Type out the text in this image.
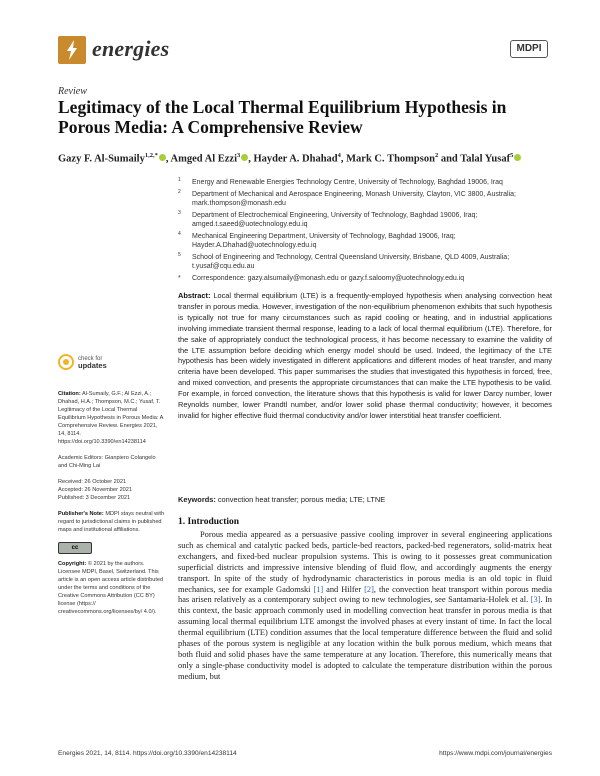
energies	MDPI
Review
Legitimacy of the Local Thermal Equilibrium Hypothesis in Porous Media: A Comprehensive Review
Gazy F. Al-Sumaily$^{1,2,*}$ , Amged Al Ezzi$^3$ , Hayder A. Dhahad$^4$, Mark C. Thompson$^2$ and Talal Yusaf$^5$
1 Energy and Renewable Energies Technology Centre, University of Technology, Baghdad 19006, Iraq
2 Department of Mechanical and Aerospace Engineering, Monash University, Clayton, VIC 3800, Australia; mark.thompson@monash.edu
3 Department of Electrochemical Engineering, University of Technology, Baghdad 19006, Iraq; amged.t.saeed@uotechnology.edu.iq
4 Mechanical Engineering Department, University of Technology, Baghdad 19006, Iraq; Hayder.A.Dhahad@uotechnology.edu.iq
5 School of Engineering and Technology, Central Queensland University, Brisbane, QLD 4009, Australia; t.yusaf@cqu.edu.au
* Correspondence: gazy.alsumaily@monash.edu or gazy.f.saloomy@uotechnology.edu.iq
Abstract: Local thermal equilibrium (LTE) is a frequently-employed hypothesis when analysing convection heat transfer in porous media. However, investigation of the non-equilibrium phenomenon exhibits that such hypothesis is typically not true for many circumstances such as rapid cooling or heating, and in industrial applications involving immediate transient thermal response, leading to a lack of local thermal equilibrium (LTE). Therefore, for the sake of appropriately conduct the technological process, it has become necessary to examine the validity of the LTE assumption before deciding which energy model should be used. Indeed, the legitimacy of the LTE hypothesis has been widely investigated in different applications and different modes of heat transfer, and many criteria have been developed. This paper summarises the studies that investigated this hypothesis in forced, free, and mixed convection, and presents the appropriate circumstances that can make the LTE hypothesis to be valid. For example, in forced convection, the literature shows that this hypothesis is valid for lower Darcy number, lower Reynolds number, lower Prandtl number, and/or lower solid phase thermal conductivity; however, it becomes invalid for higher effective fluid thermal conductivity and/or lower interstitial heat transfer coefficient.
Keywords: convection heat transfer; porous media; LTE; LTNE
1. Introduction
Porous media appeared as a persuasive passive cooling improver in several engineering applications such as chemical and catalytic packed beds, particle-bed reactors, packed-bed regenerators, solid-matrix heat exchangers, and fixed-bed nuclear propulsion systems. This is owing to it possesses great communication superficial districts and impressive intensive blending of fluid flow, and accordingly augments the energy transport. In spite of the study of hydrodynamic characteristics in porous media is an old topic in fluid mechanics, see for example Gadomski [1] and Hilfer [2], the convection heat transport within porous media has arisen relatively as a contemporary subject owing to new technologies, see Santamaria-Holek et al. [3]. In this context, the basic approach commonly used in modelling convection heat transfer in porous media is that assuming local thermal equilibrium LTE amongst the involved phases at every instant of time. In fact the local thermal equilibrium (LTE) condition assumes that the local temperature difference between the fluid and solid phases of the porous system is negligible at any location within the bulk porous medium, which means that both fluid and solid phases have the same temperature at any location. Therefore, this numerically means that only a single-phase conductivity model is adopted to calculate the temperature distribution within the porous medium, but
check for
updates
Citation: Al-Sumaily, G.F.; Al Ezzi, A.; Dhahad, H.A.; Thompson, M.C.; Yusaf, T. Legitimacy of the Local Thermal Equilibrium Hypothesis in Porous Media: A Comprehensive Review. Energies 2021, 14, 8114. https://doi.org/10.3390/en14238114
Academic Editors: Gianpiero Colangelo and Chi-Ming Lai
Received: 26 October 2021
Accepted: 26 November 2021
Published: 3 December 2021
Publisher's Note: MDPI stays neutral with regard to jurisdictional claims in published maps and institutional affiliations.
cc
Copyright: © 2021 by the authors. Licensee MDPI, Basel, Switzerland. This article is an open access article distributed under the terms and conditions of the Creative Commons Attribution (CC BY) license (https:// creativecommons.org/licenses/by/ 4.0/).
Energies 2021, 14, 8114. https://doi.org/10.3390/en14238114	https://www.mdpi.com/journal/energies
